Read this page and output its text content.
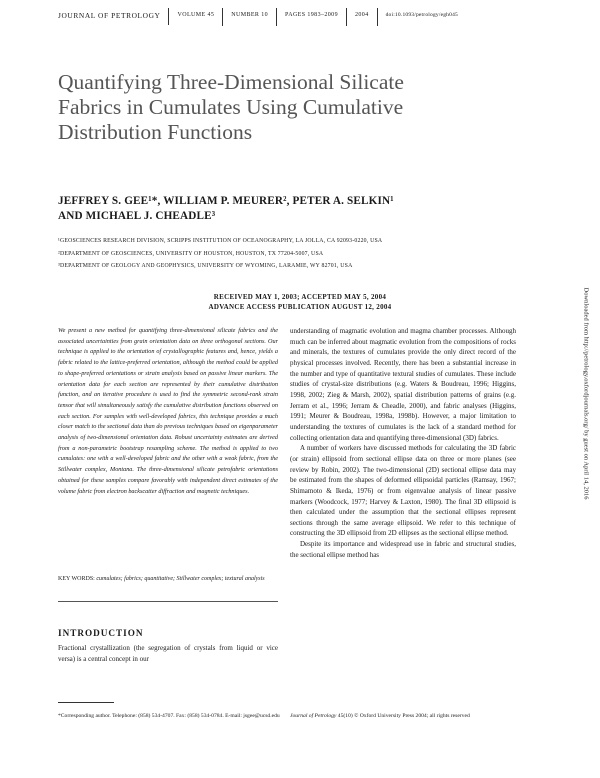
JOURNAL OF PETROLOGY	VOLUME 45	NUMBER 10	PAGES 1983–2009	2004	doi:10.1093/petrology/egh045
Quantifying Three-Dimensional Silicate
Fabrics in Cumulates Using Cumulative
Distribution Functions
JEFFREY S. GEE¹*, WILLIAM P. MEURER², PETER A. SELKIN¹
AND MICHAEL J. CHEADLE³
¹GEOSCIENCES RESEARCH DIVISION, SCRIPPS INSTITUTION OF OCEANOGRAPHY, LA JOLLA, CA 92093-0220, USA
²DEPARTMENT OF GEOSCIENCES, UNIVERSITY OF HOUSTON, HOUSTON, TX 77204-5007, USA
³DEPARTMENT OF GEOLOGY AND GEOPHYSICS, UNIVERSITY OF WYOMING, LARAMIE, WY 82701, USA
RECEIVED MAY 1, 2003; ACCEPTED MAY 5, 2004
ADVANCE ACCESS PUBLICATION AUGUST 12, 2004
We present a new method for quantifying three-dimensional silicate fabrics and the associated uncertainties from grain orientation data on three orthogonal sections. Our technique is applied to the orientation of crystallographic features and, hence, yields a fabric related to the lattice-preferred orientation, although the method could be applied to shape-preferred orientations or strain analysis based on passive linear markers. The orientation data for each section are represented by their cumulative distribution function, and an iterative procedure is used to find the symmetric second-rank strain tensor that will simultaneously satisfy the cumulative distribution functions observed on each section. For samples with well-developed fabrics, this technique provides a much closer match to the sectional data than do previous techniques based on eigenparameter analysis of two-dimensional orientation data. Robust uncertainty estimates are derived from a non-parametric bootstrap resampling scheme. The method is applied to two cumulates: one with a well-developed fabric and the other with a weak fabric, from the Stillwater complex, Montana. The three-dimensional silicate petrofabric orientations obtained for these samples compare favorably with independent direct estimates of the volume fabric from electron backscatter diffraction and magnetic techniques.
KEY WORDS: cumulates; fabrics; quantitative; Stillwater complex; textural analysis
INTRODUCTION
Fractional crystallization (the segregation of crystals from liquid or vice versa) is a central concept in our

understanding of magmatic evolution and magma chamber processes. Although much can be inferred about magmatic evolution from the compositions of rocks and minerals, the textures of cumulates provide the only direct record of the physical processes involved. Recently, there has been a substantial increase in the number and type of quantitative textural studies of cumulates. These include studies of crystal-size distributions (e.g. Waters & Boudreau, 1996; Higgins, 1998, 2002; Zieg & Marsh, 2002), spatial distribution patterns of grains (e.g. Jerram et al., 1996; Jerram & Cheadle, 2000), and fabric analyses (Higgins, 1991; Meurer & Boudreau, 1998a, 1998b). However, a major limitation to understanding the textures of cumulates is the lack of a standard method for collecting orientation data and quantifying three-dimensional (3D) fabrics.

A number of workers have discussed methods for calculating the 3D fabric (or strain) ellipsoid from sectional ellipse data on three or more planes (see review by Robin, 2002). The two-dimensional (2D) sectional ellipse data may be estimated from the shapes of deformed ellipsoidal particles (Ramsay, 1967; Shimamoto & Ikeda, 1976) or from eigenvalue analysis of linear passive markers (Woodcock, 1977; Harvey & Laxton, 1980). The final 3D ellipsoid is then calculated under the assumption that the sectional ellipses represent sections through the same average ellipsoid. We refer to this technique of constructing the 3D ellipsoid from 2D ellipses as the sectional ellipse method.

Despite its importance and widespread use in fabric and structural studies, the sectional ellipse method has

*Corresponding author. Telephone: (858) 534-4707. Fax: (858) 534-0784. E-mail: jsgee@ucsd.edu Journal of Petrology 45(10) © Oxford University Press 2004; all rights reserved
Downloaded from http://petrology.oxfordjournals.org/ by guest on April 14, 2016
